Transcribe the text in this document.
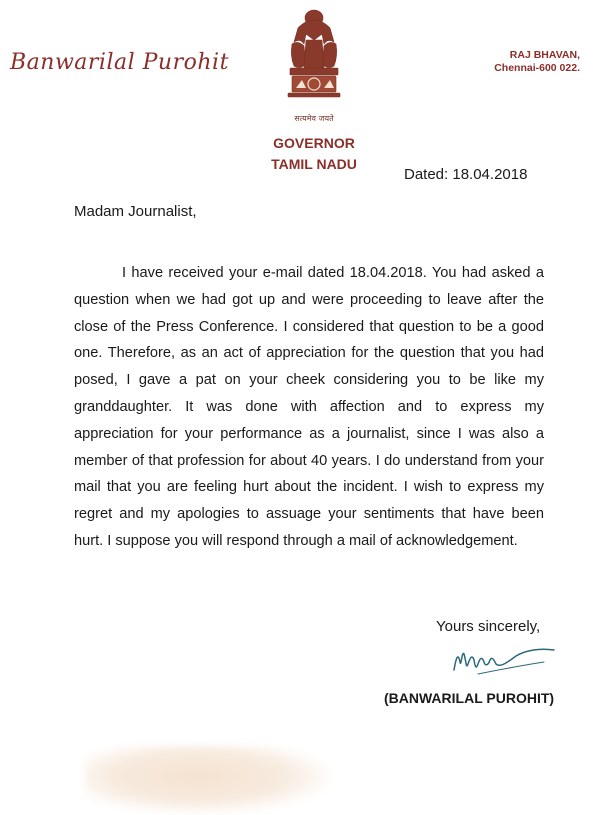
Banwarilal Purohit
सत्यमेव जयते
GOVERNOR
TAMIL NADU
RAJ BHAVAN,
Chennai-600 022.
Dated: 18.04.2018
Madam Journalist,

I have received your e-mail dated 18.04.2018. You had asked a question when we had got up and were proceeding to leave after the close of the Press Conference. I considered that question to be a good one. Therefore, as an act of appreciation for the question that you had posed, I gave a pat on your cheek considering you to be like my granddaughter. It was done with affection and to express my appreciation for your performance as a journalist, since I was also a member of that profession for about 40 years. I do understand from your mail that you are feeling hurt about the incident. I wish to express my regret and my apologies to assuage your sentiments that have been hurt. I suppose you will respond through a mail of acknowledgement.

Yours sincerely,
(BANWARILAL PUROHIT)
